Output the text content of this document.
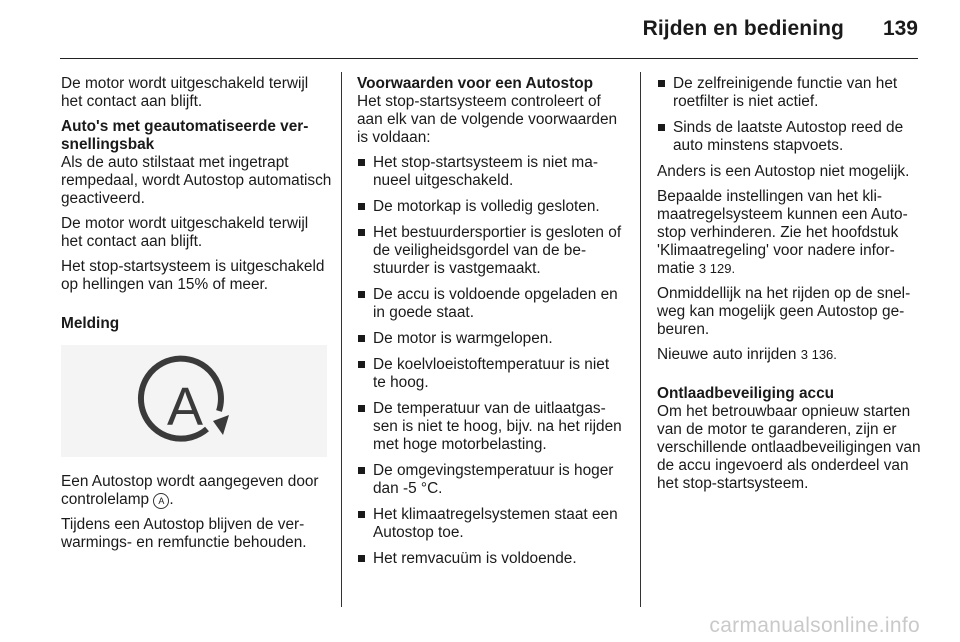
Rijden en bediening 139

De motor wordt uitgeschakeld terwijl het contact aan blijft.

Auto's met geautomatiseerde versnellingsbak

Als de auto stilstaat met ingetrapt rempedaal, wordt Autostop automatisch geactiveerd.

De motor wordt uitgeschakeld terwijl het contact aan blijft.

Het stop-startsysteem is uitgeschakeld op hellingen van 15% of meer.

Melding

A

Een Autostop wordt aangegeven door controlelamp A .

Tijdens een Autostop blijven de verwarmings- en remfunctie behouden.

Voorwaarden voor een Autostop

Het stop-startsysteem controleert of aan elk van de volgende voorwaarden is voldaan:

Het stop-startsysteem is niet manueel uitgeschakeld.
De motorkap is volledig gesloten.
Het bestuurdersportier is gesloten of de veiligheidsgordel van de bestuurder is vastgemaakt.
De accu is voldoende opgeladen en in goede staat.
De motor is warmgelopen.
De koelvloeistoftemperatuur is niet te hoog.
De temperatuur van de uitlaatgassen is niet te hoog, bijv. na het rijden met hoge motorbelasting.
De omgevingstemperatuur is hoger dan -5 °C.
Het klimaatregelsystemen staat een Autostop toe.
Het remvacuüm is voldoende.
De zelfreinigende functie van het roetfilter is niet actief.
Sinds de laatste Autostop reed de auto minstens stapvoets.

Anders is een Autostop niet mogelijk.

Bepaalde instellingen van het klimaatregelsysteem kunnen een Autostop verhinderen. Zie het hoofdstuk 'Klimaatregeling' voor nadere informatie 3 129.

Onmiddellijk na het rijden op de snelweg kan mogelijk geen Autostop gebeuren.

Nieuwe auto inrijden 3 136.

Ontlaadbeveiliging accu

Om het betrouwbaar opnieuw starten van de motor te garanderen, zijn er verschillende ontlaadbeveiligingen van de accu ingevoerd als onderdeel van het stop-startsysteem.

carmanualsonline.info
